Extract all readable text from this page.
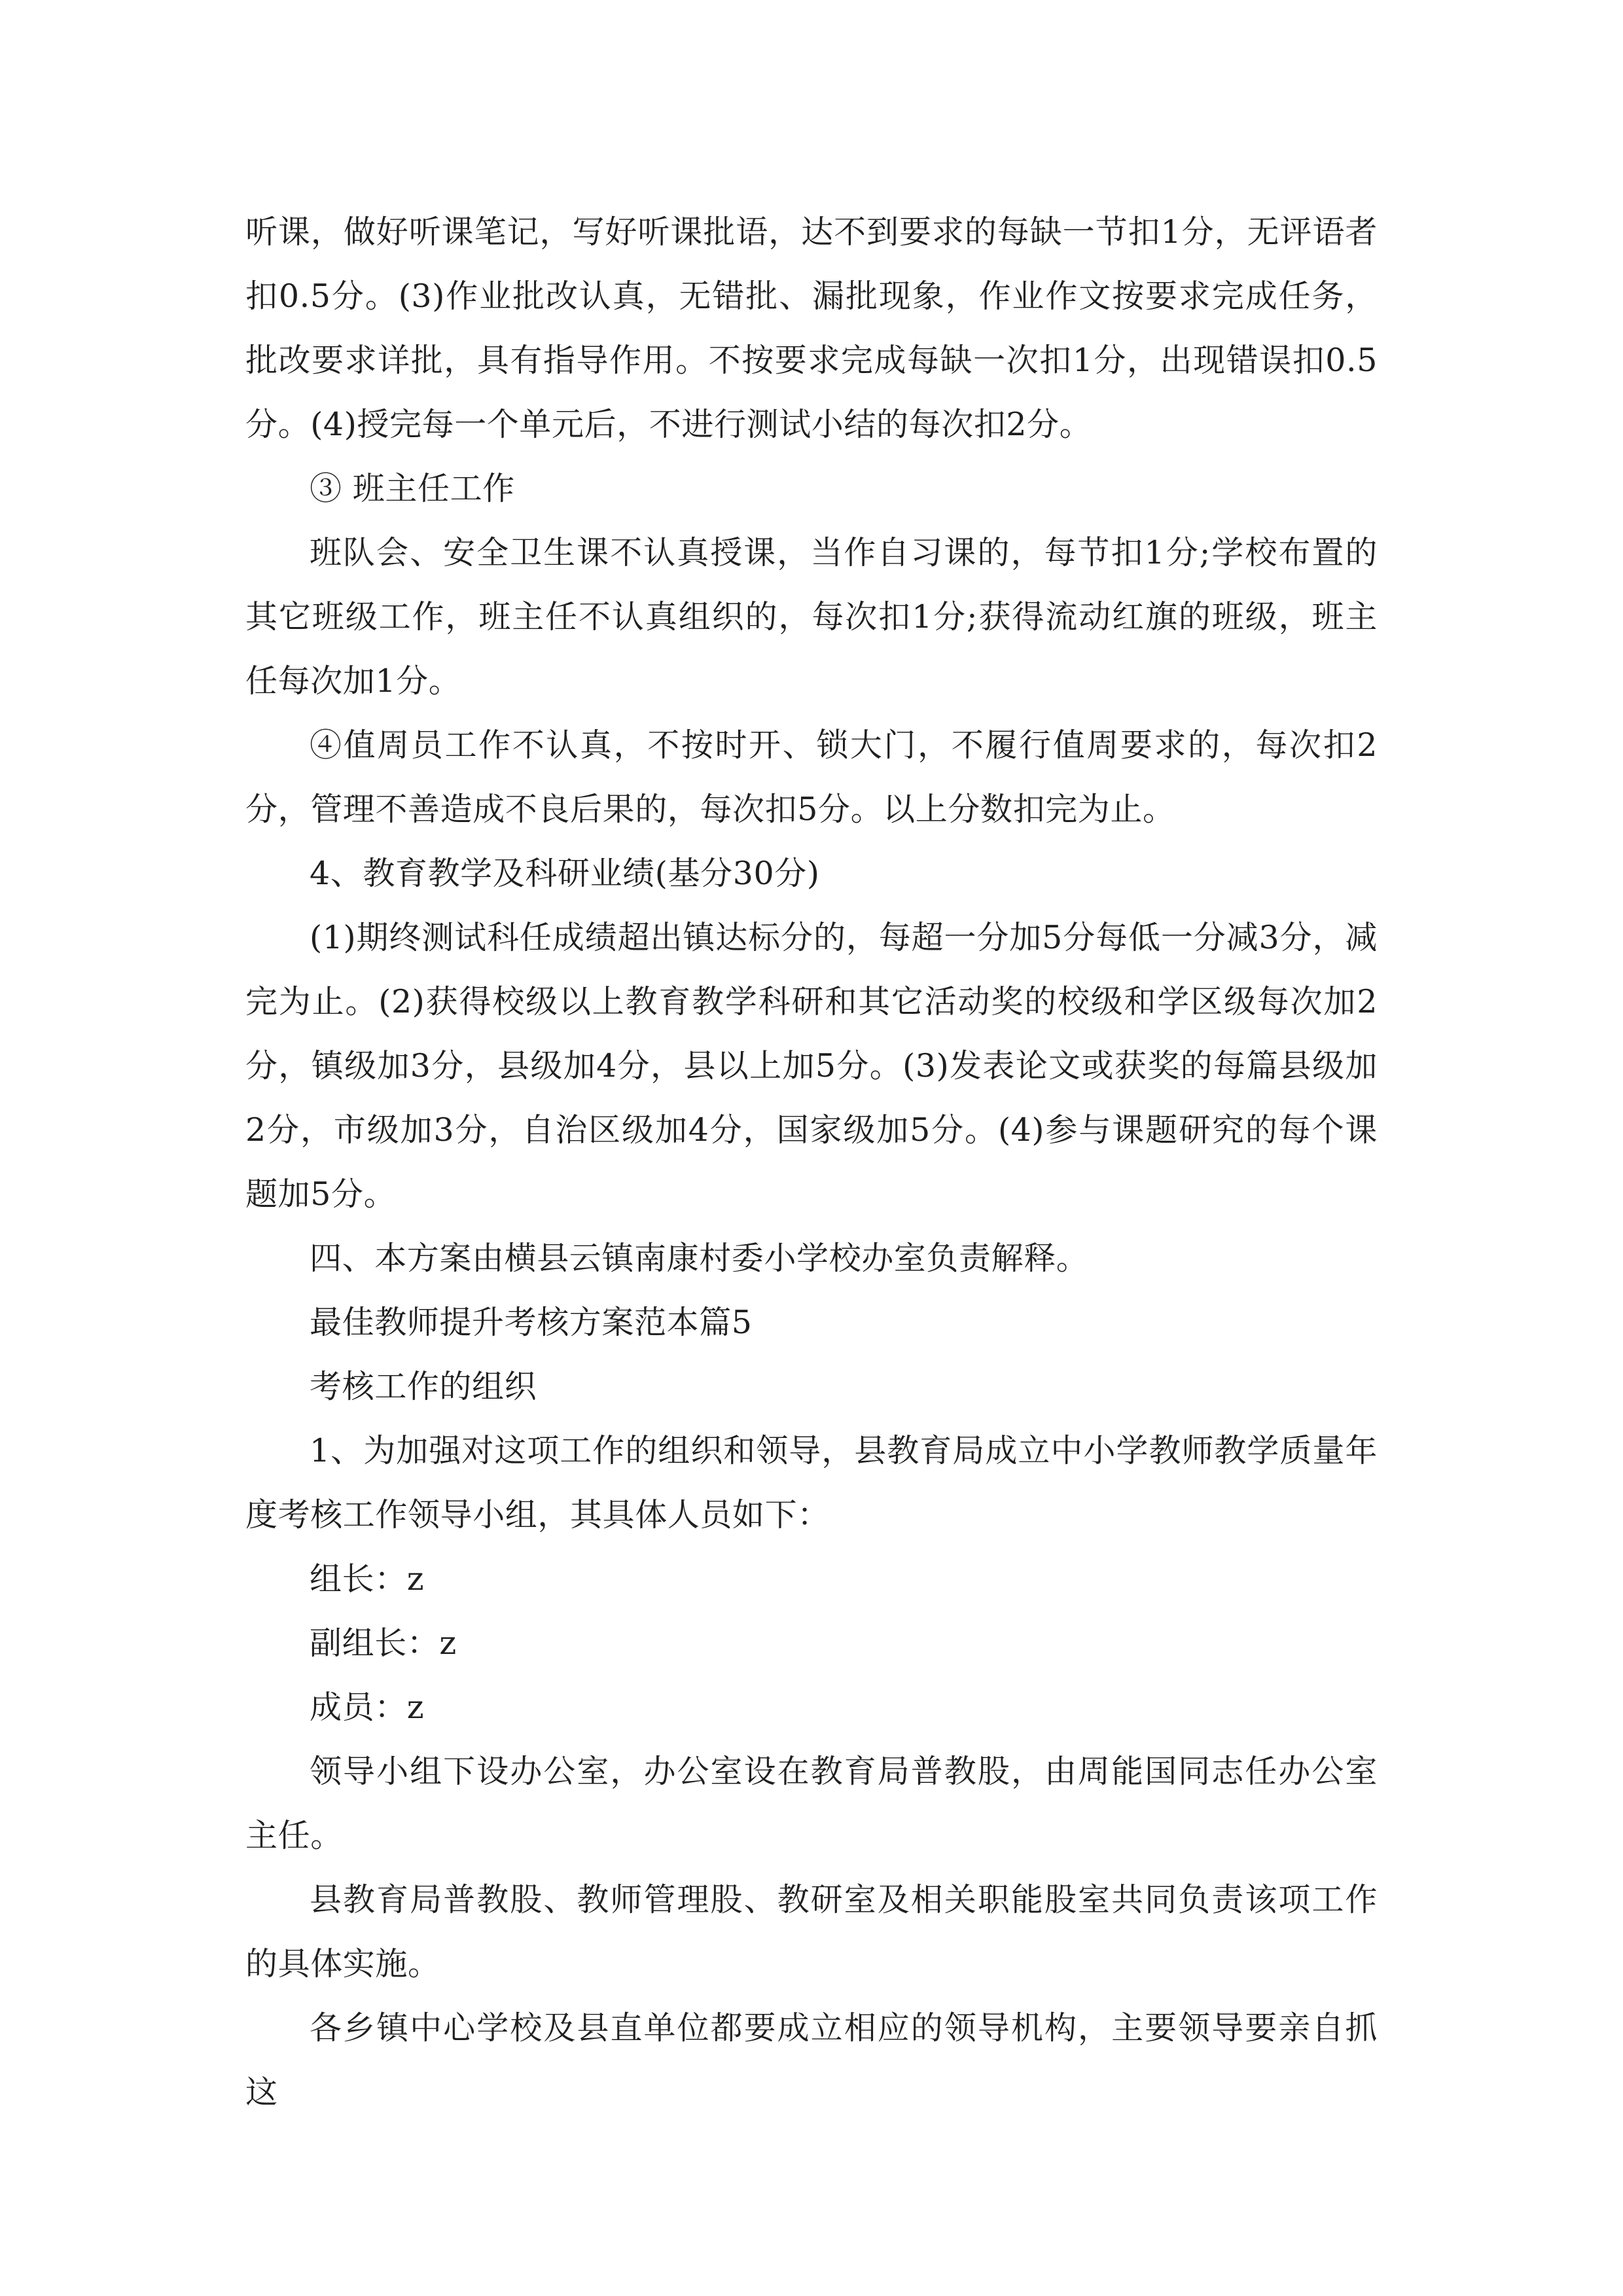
听课，做好听课笔记，写好听课批语，达不到要求的每缺一节扣1分，无评语者扣0.5分。(3)作业批改认真，无错批、漏批现象，作业作文按要求完成任务，批改要求详批，具有指导作用。不按要求完成每缺一次扣1分，出现错误扣0.5分。(4)授完每一个单元后，不进行测试小结的每次扣2分。

③ 班主任工作

班队会、安全卫生课不认真授课，当作自习课的，每节扣1分;学校布置的其它班级工作，班主任不认真组织的，每次扣1分;获得流动红旗的班级，班主任每次加1分。

④值周员工作不认真，不按时开、锁大门，不履行值周要求的，每次扣2分，管理不善造成不良后果的，每次扣5分。以上分数扣完为止。

4、教育教学及科研业绩(基分30分)

(1)期终测试科任成绩超出镇达标分的，每超一分加5分每低一分减3分，减完为止。(2)获得校级以上教育教学科研和其它活动奖的校级和学区级每次加2分，镇级加3分，县级加4分，县以上加5分。(3)发表论文或获奖的每篇县级加2分，市级加3分，自治区级加4分，国家级加5分。(4)参与课题研究的每个课题加5分。

四、本方案由横县云镇南康村委小学校办室负责解释。

最佳教师提升考核方案范本篇5

考核工作的组织

1、为加强对这项工作的组织和领导，县教育局成立中小学教师教学质量年度考核工作领导小组，其具体人员如下：

组长：z

副组长：z

成员：z

领导小组下设办公室，办公室设在教育局普教股，由周能国同志任办公室主任。

县教育局普教股、教师管理股、教研室及相关职能股室共同负责该项工作的具体实施。

各乡镇中心学校及县直单位都要成立相应的领导机构，主要领导要亲自抓这
